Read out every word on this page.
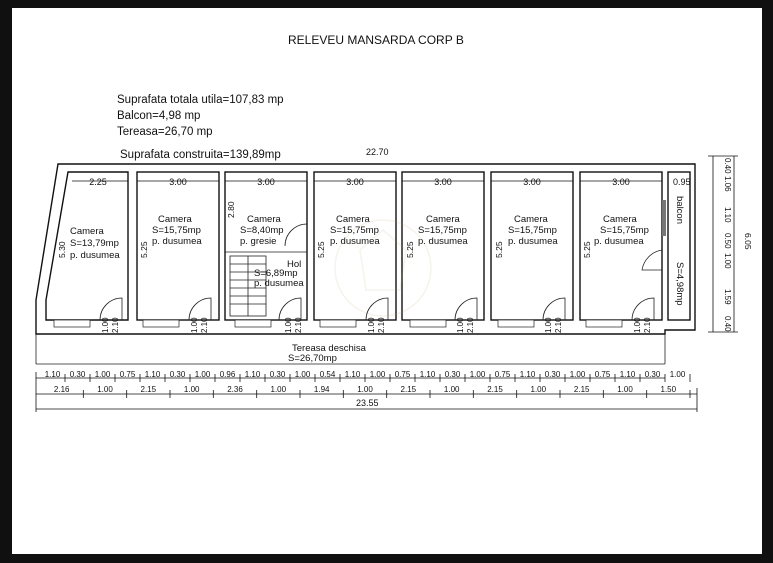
RELEVEU MANSARDA CORP B
Suprafata totala utila=107,83 mp
Balcon=4,98 mp
Tereasa=26,70 mp
Suprafata construita=139,89mp	22.70
2.25
Camera
S=13,79mp
p. dusumea
5.30
3.00
Camera
S=15,75mp
p. dusumea
5.25
3.00
Camera
S=8,40mp
p. gresie
2.80
3.00
Camera
S=15,75mp
p. dusumea
5.25
3.00
Camera
S=15,75mp
p. dusumea
5.25
3.00
Camera
S=15,75mp
p. dusumea
5.25
3.00
Camera
S=15,75mp
p. dusumea
5.25
Hol
S=6,89mp
p. dusumea
0.95
balcon
S=4,98mp
1.00 2.10	1.00 2.10	1.00 2.10	1.00 2.10	1.00 2.10	1.00 2.10	1.00 2.10
Tereasa deschisa
S=26,70mp
0.40
1.06
1.10
0.50
1.00
1.59
0.40
6.05
1.10 0.30 1.00 0.75 1.10 0.30 1.00 0.96 1.10 0.30 1.00 0.54 1.10 1.00 0.75 1.10 0.30 1.00 0.75 1.10 0.30 1.00 0.75 1.10 0.30 1.00
2.16	1.00	2.15	1.00	2.36	1.00	1.94	1.00	2.15	1.00	2.15	1.00	2.15	1.00	1.50
23.55
